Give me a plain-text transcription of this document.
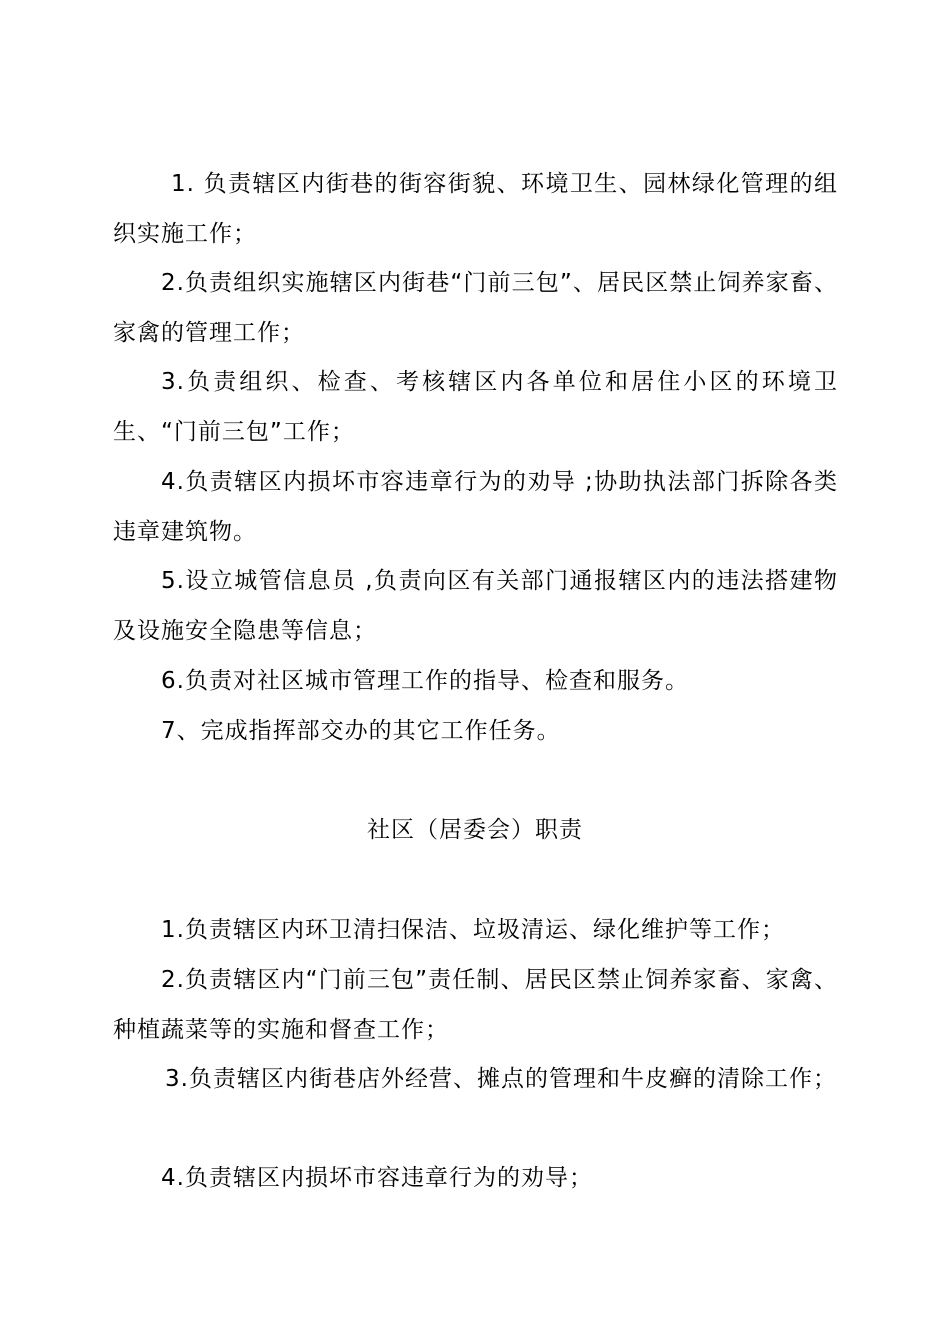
1. 负责辖区内街巷的街容街貌、环境卫生、园林绿化管理的组织实施工作；

2.负责组织实施辖区内街巷“门前三包”、居民区禁止饲养家畜、家禽的管理工作；

3.负责组织、检查、考核辖区内各单位和居住小区的环境卫生、“门前三包”工作；

4.负责辖区内损坏市容违章行为的劝导 ;协助执法部门拆除各类违章建筑物。

5.设立城管信息员 ,负责向区有关部门通报辖区内的违法搭建物及设施安全隐患等信息；

6.负责对社区城市管理工作的指导、检查和服务。

7、完成指挥部交办的其它工作任务。

社区（居委会）职责

1.负责辖区内环卫清扫保洁、垃圾清运、绿化维护等工作；

2.负责辖区内“门前三包”责任制、居民区禁止饲养家畜、家禽、种植蔬菜等的实施和督查工作；

3.负责辖区内街巷店外经营、摊点的管理和牛皮癣的清除工作；

4.负责辖区内损坏市容违章行为的劝导；
